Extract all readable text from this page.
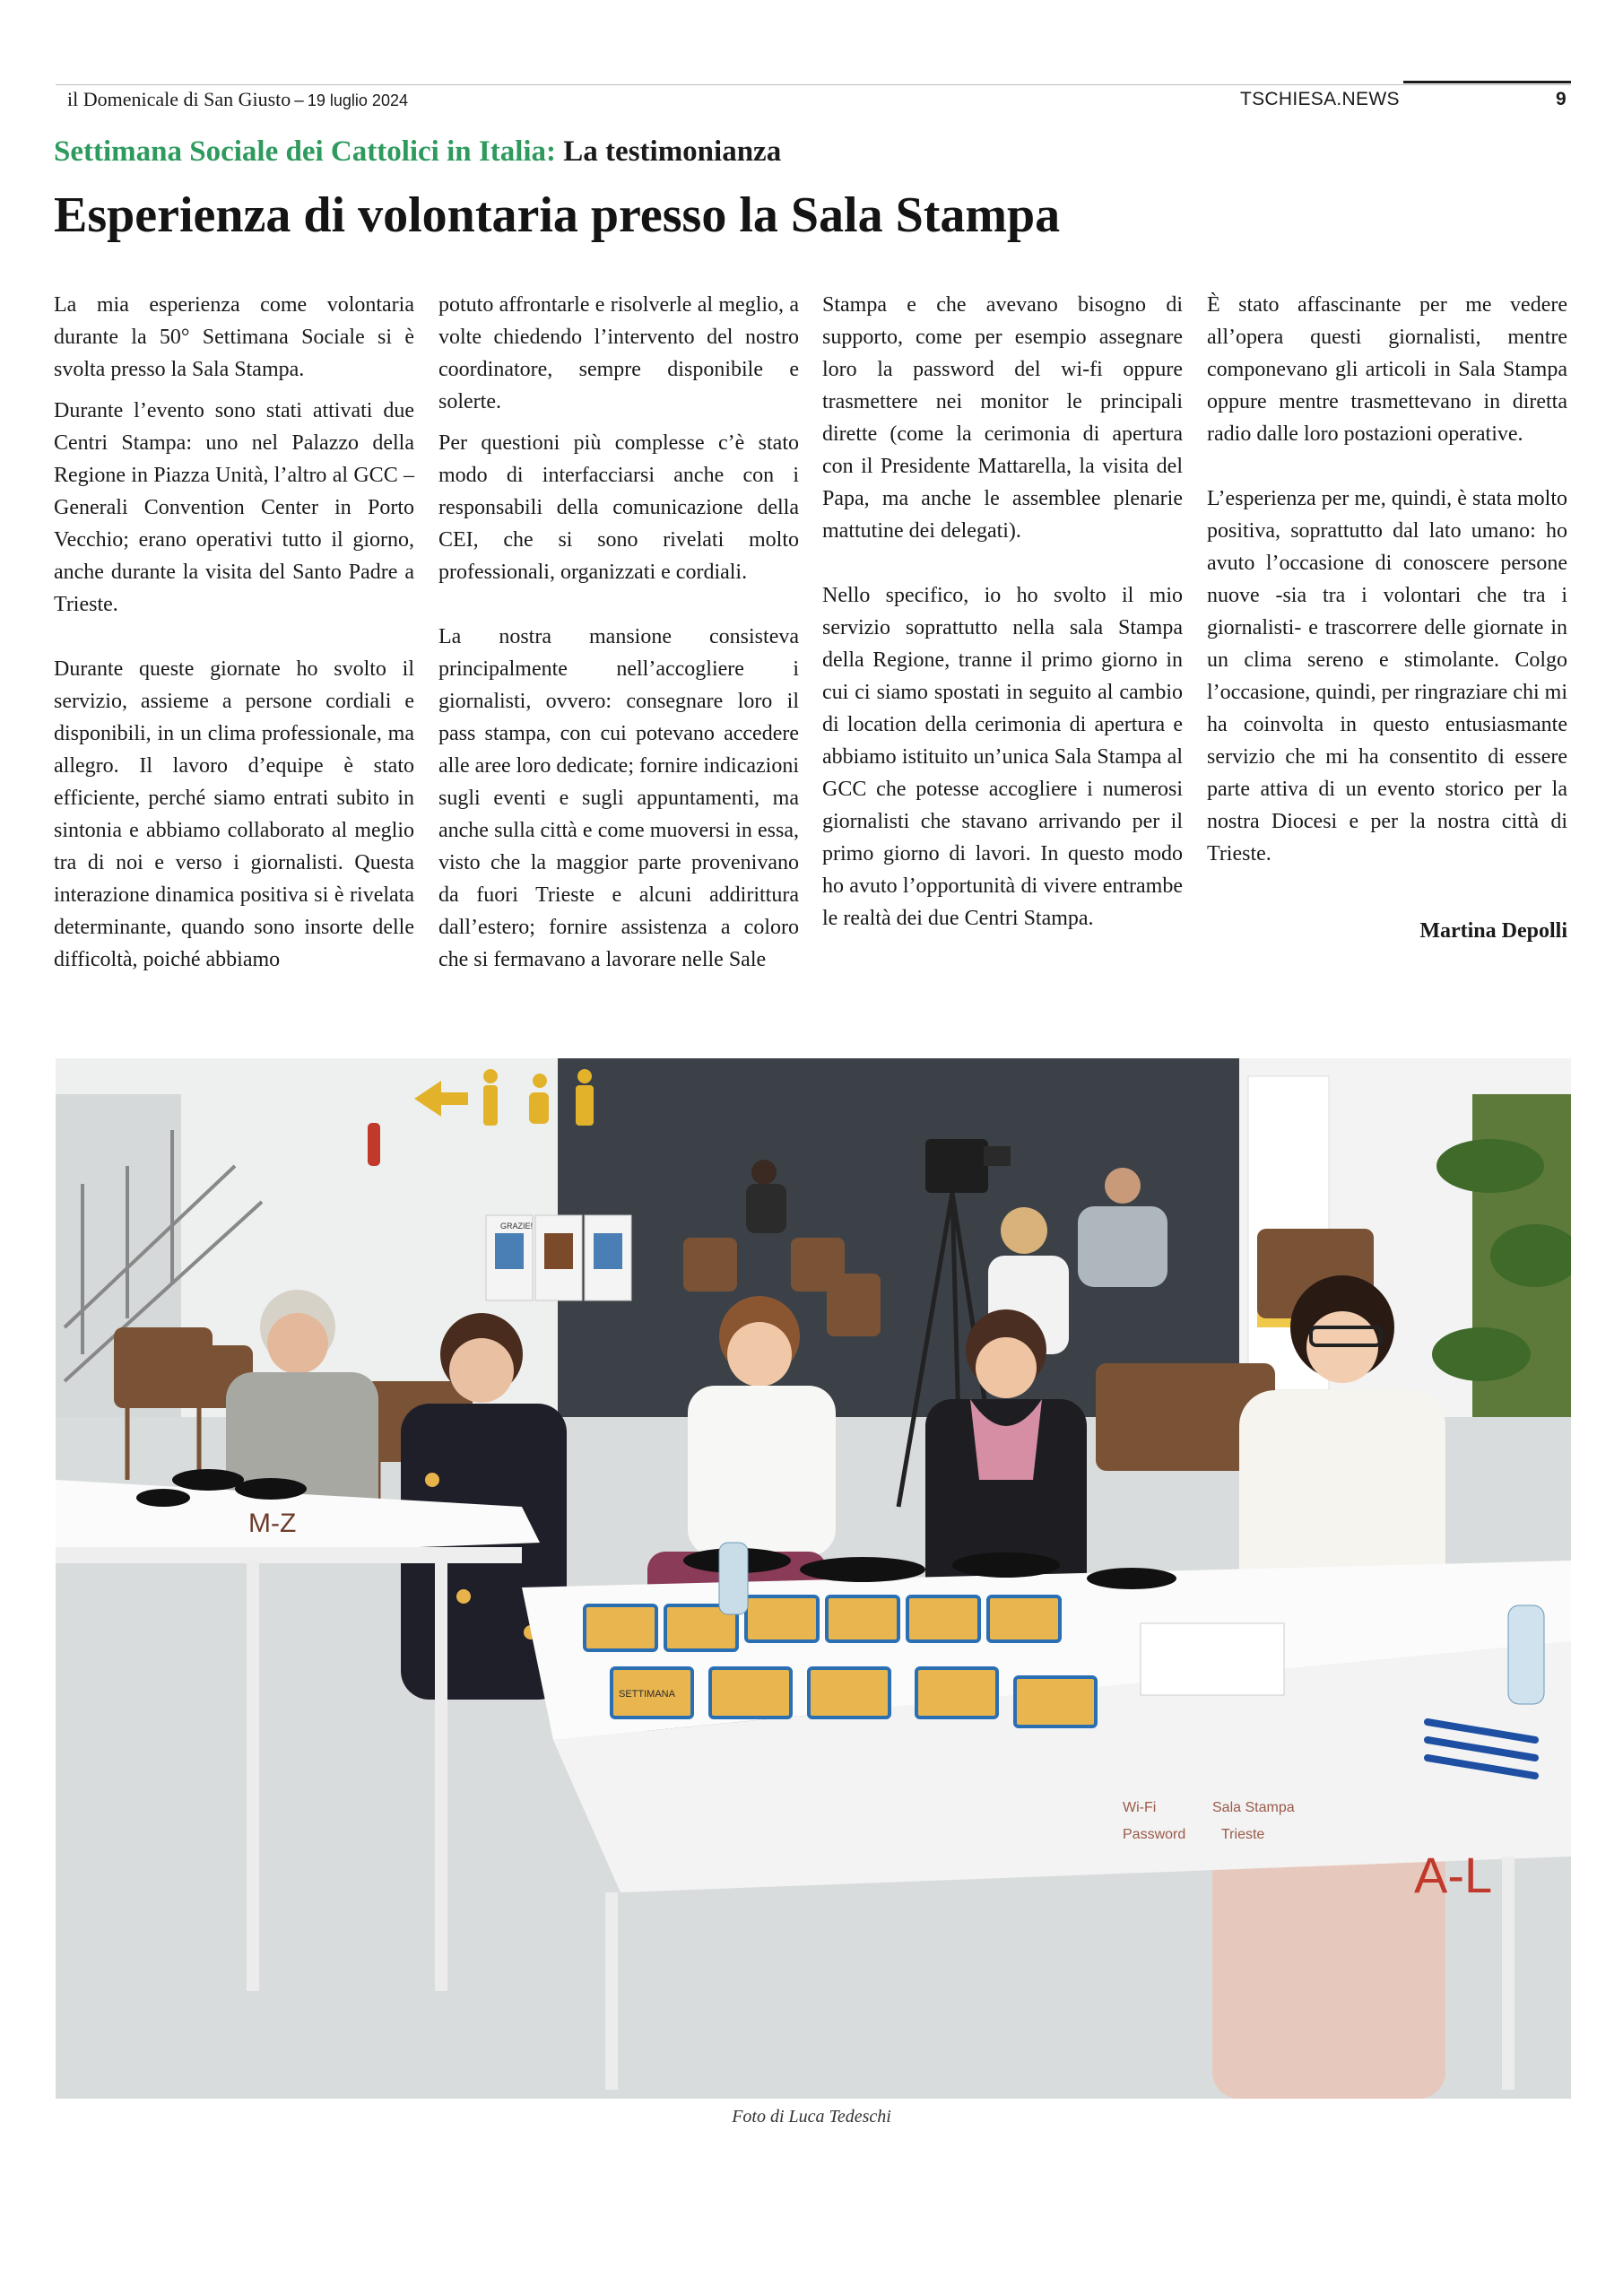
il Domenicale di San Giusto – 19 luglio 2024	TSCHIESA.NEWS	9
Settimana Sociale dei Cattolici in Italia: La testimonianza
Esperienza di volontaria presso la Sala Stampa

La mia esperienza come volontaria durante la 50° Settimana Sociale si è svolta presso la Sala Stampa.

Durante l’evento sono stati attivati due Centri Stampa: uno nel Palazzo della Regione in Piazza Unità, l’altro al GCC – Generali Convention Center in Porto Vecchio; erano operativi tutto il giorno, anche durante la visita del Santo Padre a Trieste.

Durante queste giornate ho svolto il servizio, assieme a persone cordiali e disponibili, in un clima professionale, ma allegro. Il lavoro d’equipe è stato efficiente, perché siamo entrati subito in sintonia e abbiamo collaborato al meglio tra di noi e verso i giornalisti. Questa interazione dinamica positiva si è rivelata determinante, quando sono insorte delle difficoltà, poiché abbiamo

potuto affrontarle e risolverle al meglio, a volte chiedendo l’intervento del nostro coordinatore, sempre disponibile e solerte.

Per questioni più complesse c’è stato modo di interfacciarsi anche con i responsabili della comunicazione della CEI, che si sono rivelati molto professionali, organizzati e cordiali.

La nostra mansione consisteva principalmente nell’accogliere i giornalisti, ovvero: consegnare loro il pass stampa, con cui potevano accedere alle aree loro dedicate; fornire indicazioni sugli eventi e sugli appuntamenti, ma anche sulla città e come muoversi in essa, visto che la maggior parte provenivano da fuori Trieste e alcuni addirittura dall’estero; fornire assistenza a coloro che si fermavano a lavorare nelle Sale

Stampa e che avevano bisogno di supporto, come per esempio assegnare loro la password del wi-fi oppure trasmettere nei monitor le principali dirette (come la cerimonia di apertura con il Presidente Mattarella, la visita del Papa, ma anche le assemblee plenarie mattutine dei delegati).

Nello specifico, io ho svolto il mio servizio soprattutto nella sala Stampa della Regione, tranne il primo giorno in cui ci siamo spostati in seguito al cambio di location della cerimonia di apertura e abbiamo istituito un’unica Sala Stampa al GCC che potesse accogliere i numerosi giornalisti che stavano arrivando per il primo giorno di lavori. In questo modo ho avuto l’opportunità di vivere entrambe le realtà dei due Centri Stampa.

È stato affascinante per me vedere all’opera questi giornalisti, mentre componevano gli articoli in Sala Stampa oppure mentre trasmettevano in diretta radio dalle loro postazioni operative.

L’esperienza per me, quindi, è stata molto positiva, soprattutto dal lato umano: ho avuto l’occasione di conoscere persone nuove -sia tra i volontari che tra i giornalisti- e trascorrere delle giornate in un clima sereno e stimolante. Colgo l’occasione, quindi, per ringraziare chi mi ha coinvolta in questo entusiasmante servizio che mi ha consentito di essere parte attiva di un evento storico per la nostra Diocesi e per la nostra città di Trieste.

Martina Depolli

GRAZIE!
M-Z
SETTIMANA
Wi-Fi
Password
Sala Stampa
Trieste
A-L
Foto di Luca Tedeschi
